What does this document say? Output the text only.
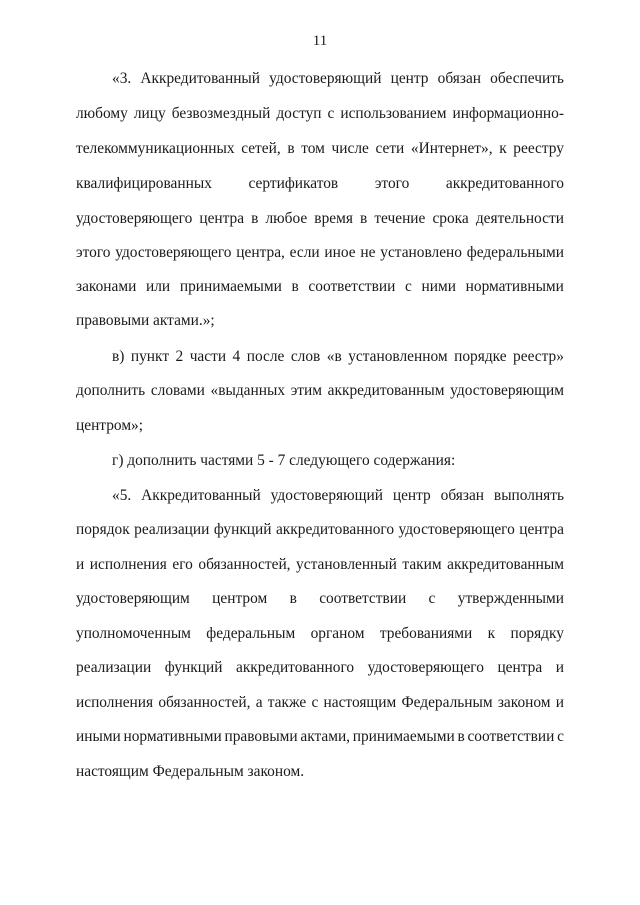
11
«3. Аккредитованный удостоверяющий центр обязан обеспечить
любому лицу безвозмездный доступ с использованием информационно-
телекоммуникационных сетей, в том числе сети «Интернет», к реестру
квалифицированных сертификатов этого аккредитованного
удостоверяющего центра в любое время в течение срока деятельности
этого удостоверяющего центра, если иное не установлено федеральными
законами или принимаемыми в соответствии с ними нормативными
правовыми актами.»;
в) пункт 2 части 4 после слов «в установленном порядке реестр»
дополнить словами «выданных этим аккредитованным удостоверяющим
центром»;
г) дополнить частями 5 - 7 следующего содержания:
«5. Аккредитованный удостоверяющий центр обязан выполнять
порядок реализации функций аккредитованного удостоверяющего центра
и исполнения его обязанностей, установленный таким аккредитованным
удостоверяющим центром в соответствии с утвержденными
уполномоченным федеральным органом требованиями к порядку
реализации функций аккредитованного удостоверяющего центра и
исполнения обязанностей, а также с настоящим Федеральным законом и
иными нормативными правовыми актами, принимаемыми в соответствии с
настоящим Федеральным законом.
